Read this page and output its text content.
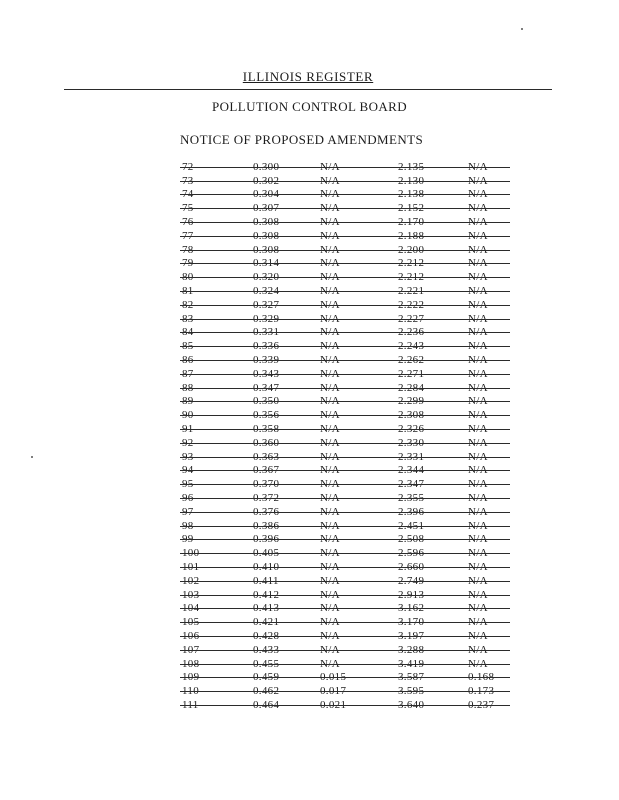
ILLINOIS REGISTER
POLLUTION CONTROL BOARD
NOTICE OF PROPOSED AMENDMENTS
72	0.300	N/A	2.135	N/A
73	0.302	N/A	2.130	N/A
74	0.304	N/A	2.138	N/A
75	0.307	N/A	2.152	N/A
76	0.308	N/A	2.170	N/A
77	0.308	N/A	2.188	N/A
78	0.308	N/A	2.200	N/A
79	0.314	N/A	2.212	N/A
80	0.320	N/A	2.212	N/A
81	0.324	N/A	2.221	N/A
82	0.327	N/A	2.222	N/A
83	0.329	N/A	2.227	N/A
84	0.331	N/A	2.236	N/A
85	0.336	N/A	2.243	N/A
86	0.339	N/A	2.262	N/A
87	0.343	N/A	2.271	N/A
88	0.347	N/A	2.284	N/A
89	0.350	N/A	2.299	N/A
90	0.356	N/A	2.308	N/A
91	0.358	N/A	2.326	N/A
92	0.360	N/A	2.330	N/A
93	0.363	N/A	2.331	N/A
94	0.367	N/A	2.344	N/A
95	0.370	N/A	2.347	N/A
96	0.372	N/A	2.355	N/A
97	0.376	N/A	2.396	N/A
98	0.386	N/A	2.451	N/A
99	0.396	N/A	2.508	N/A
100	0.405	N/A	2.596	N/A
101	0.410	N/A	2.660	N/A
102	0.411	N/A	2.749	N/A
103	0.412	N/A	2.913	N/A
104	0.413	N/A	3.162	N/A
105	0.421	N/A	3.170	N/A
106	0.428	N/A	3.197	N/A
107	0.433	N/A	3.288	N/A
108	0.455	N/A	3.419	N/A
109	0.459	0.015	3.587	0.168
110	0.462	0.017	3.595	0.173
111	0.464	0.021	3.640	0.237
